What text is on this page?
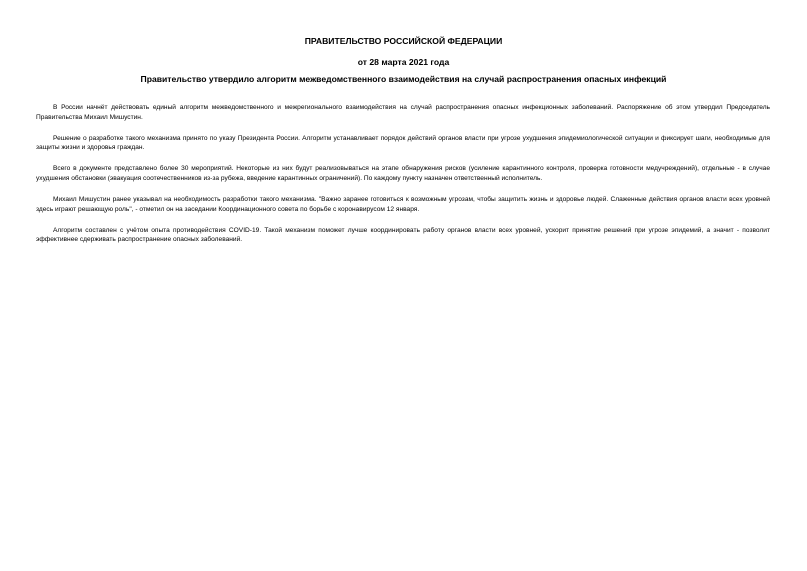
ПРАВИТЕЛЬСТВО РОССИЙСКОЙ ФЕДЕРАЦИИ

от 28 марта 2021 года

Правительство утвердило алгоритм межведомственного взаимодействия на случай распространения опасных инфекций

В России начнёт действовать единый алгоритм межведомственного и межрегионального взаимодействия на случай распространения опасных инфекционных заболеваний. Распоряжение об этом утвердил Председатель Правительства Михаил Мишустин.

Решение о разработке такого механизма принято по указу Президента России. Алгоритм устанавливает порядок действий органов власти при угрозе ухудшения эпидемиологической ситуации и фиксирует шаги, необходимые для защиты жизни и здоровья граждан.

Всего в документе представлено более 30 мероприятий. Некоторые из них будут реализовываться на этапе обнаружения рисков (усиление карантинного контроля, проверка готовности медучреждений), отдельные - в случае ухудшения обстановки (эвакуация соотечественников из-за рубежа, введение карантинных ограничений). По каждому пункту назначен ответственный исполнитель.

Михаил Мишустин ранее указывал на необходимость разработки такого механизма. "Важно заранее готовиться к возможным угрозам, чтобы защитить жизнь и здоровье людей. Слаженные действия органов власти всех уровней здесь играют решающую роль", - отметил он на заседании Координационного совета по борьбе с коронавирусом 12 января.

Алгоритм составлен с учётом опыта противодействия COVID-19. Такой механизм поможет лучше координировать работу органов власти всех уровней, ускорит принятие решений при угрозе эпидемий, а значит - позволит эффективнее сдерживать распространение опасных заболеваний.
